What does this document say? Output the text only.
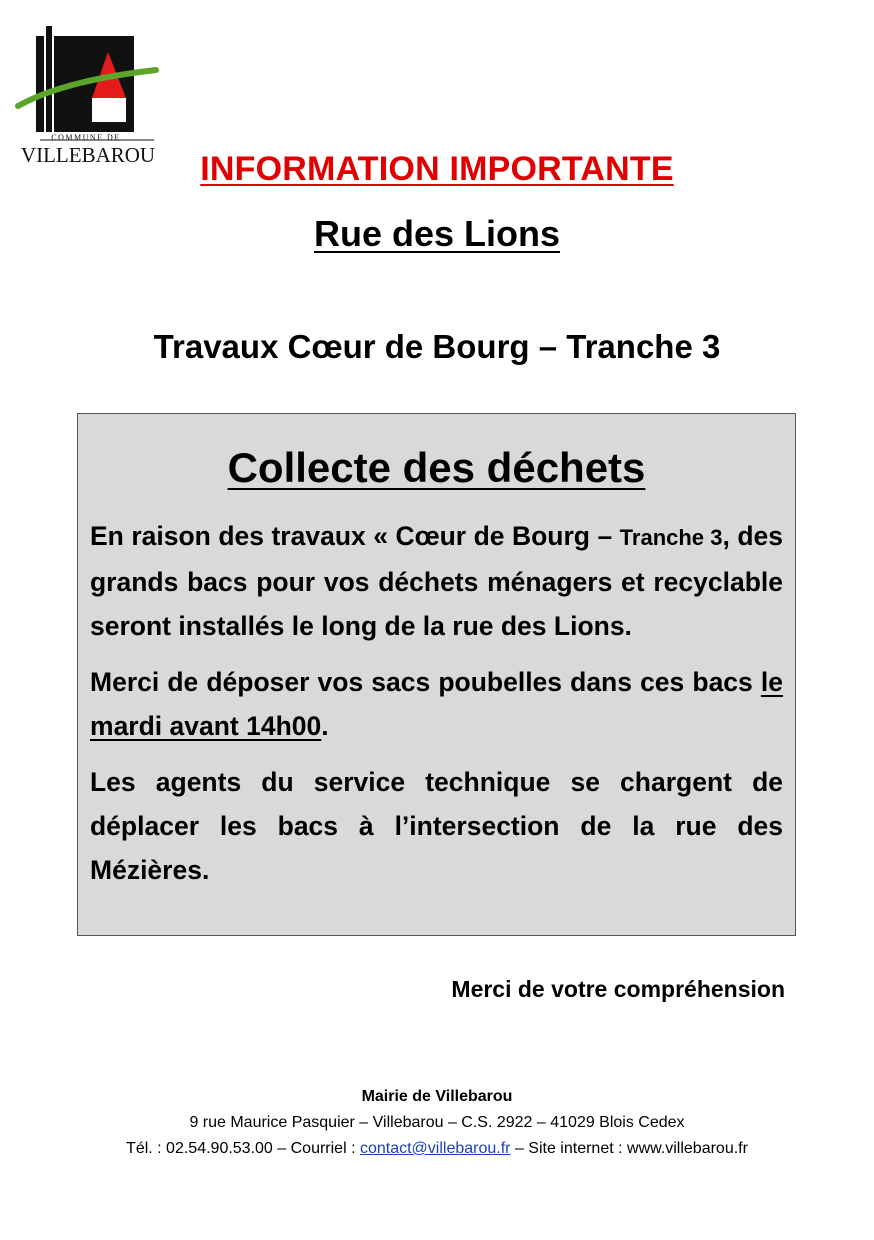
COMMUNE DE
VILLEBAROU	INFORMATION IMPORTANTE
Rue des Lions
Travaux Cœur de Bourg – Tranche 3
Collecte des déchets

En raison des travaux « Cœur de Bourg – Tranche 3, des grands bacs pour vos déchets ménagers et recyclable seront installés le long de la rue des Lions.

Merci de déposer vos sacs poubelles dans ces bacs le mardi avant 14h00.

Les agents du service technique se chargent de déplacer les bacs à l’intersection de la rue des Mézières.

Merci de votre compréhension
Mairie de Villebarou
9 rue Maurice Pasquier – Villebarou – C.S. 2922 – 41029 Blois Cedex
Tél. : 02.54.90.53.00 – Courriel : contact@villebarou.fr – Site internet : www.villebarou.fr
